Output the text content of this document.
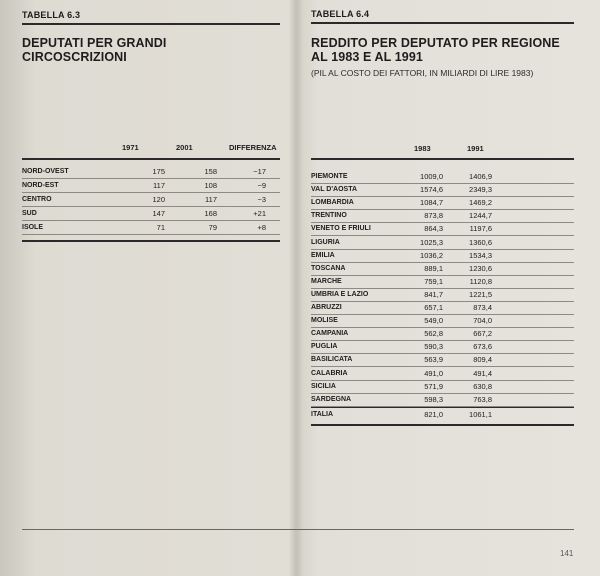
TABELLA 6.3
DEPUTATI PER GRANDI
CIRCOSCRIZIONI
1971	2001	DIFFERENZA
NORD-OVEST	175	158	−17
NORD-EST	117	108	−9
CENTRO	120	117	−3
SUD	147	168	+21
ISOLE	71	79	+8
TABELLA 6.4
REDDITO PER DEPUTATO PER REGIONE
AL 1983 E AL 1991
(PIL AL COSTO DEI FATTORI, IN MILIARDI DI LIRE 1983)
1983	1991
PIEMONTE	1009,0	1406,9
VAL D'AOSTA	1574,6	2349,3
LOMBARDIA	1084,7	1469,2
TRENTINO	873,8	1244,7
VENETO E FRIULI	864,3	1197,6
LIGURIA	1025,3	1360,6
EMILIA	1036,2	1534,3
TOSCANA	889,1	1230,6
MARCHE	759,1	1120,8
UMBRIA E LAZIO	841,7	1221,5
ABRUZZI	657,1	873,4
MOLISE	549,0	704,0
CAMPANIA	562,8	667,2
PUGLIA	590,3	673,6
BASILICATA	563,9	809,4
CALABRIA	491,0	491,4
SICILIA	571,9	630,8
SARDEGNA	598,3	763,8
ITALIA	821,0	1061,1
141
